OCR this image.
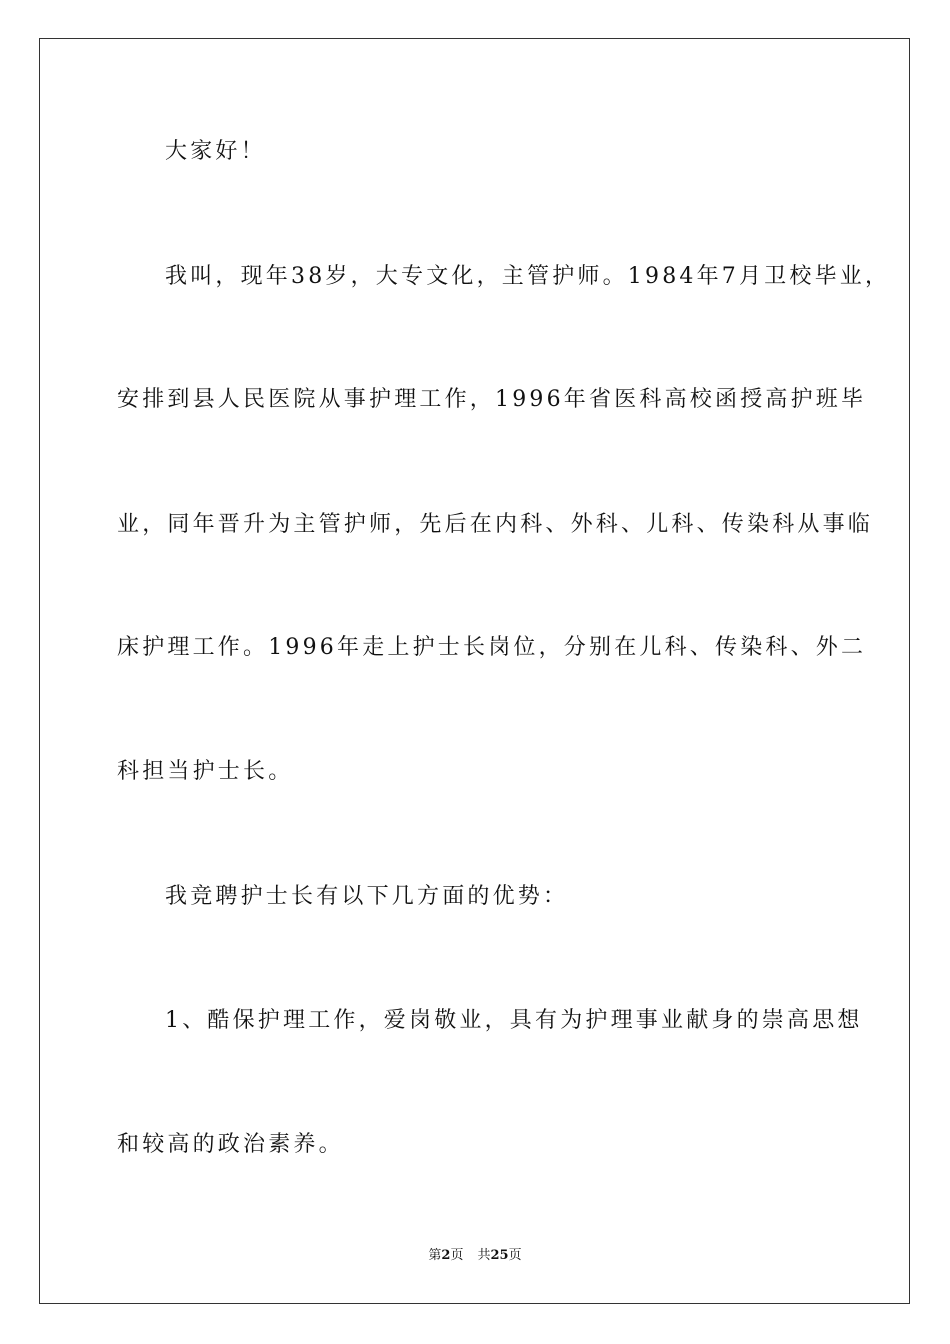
大家好！
我叫，现年38岁，大专文化，主管护师。1984年7月卫校毕业，
安排到县人民医院从事护理工作，1996年省医科高校函授高护班毕
业，同年晋升为主管护师，先后在内科、外科、儿科、传染科从事临
床护理工作。1996年走上护士长岗位，分别在儿科、传染科、外二
科担当护士长。
我竞聘护士长有以下几方面的优势：
1、酷保护理工作，爱岗敬业，具有为护理事业献身的崇高思想
和较高的政治素养。
第2页 共25页
